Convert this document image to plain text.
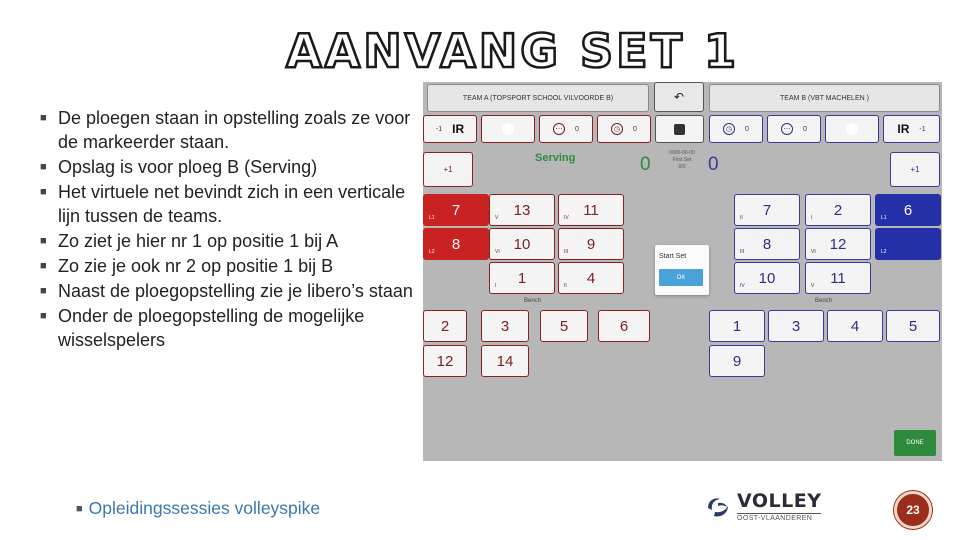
AANVANG SET 1
■ De ploegen staan in opstelling zoals ze voor de markeerder staan.
■ Opslag is voor ploeg B (Serving)
■ Het virtuele net bevindt zich in een verticale lijn tussen de teams.
■ Zo ziet je hier nr 1 op positie 1 bij A
■ Zo zie je ook nr 2 op positie 1 bij B
■ Naast de ploegopstelling zie je libero’s staan
■ Onder de ploegopstelling de mogelijke wisselspelers
■ Opleidingssessies volleyspike
TEAM A (TOPSPORT SCHOOL VILVOORDE B)	↶	TEAM B (VBT MACHELEN )
-1 IR	★	⋯	0	◷	0	◷	0	⋯	0	★	IR -1
+1
Serving	0
0000-00-00
First Set
0/0	0	+1
L1 7	V 13	IV 11
L2 8	VI 10	III 9
I 1	II 4
II 7	I 2	L1 6
III 8	VI 12	L2
IV 10	V 11
Bench	Bench
Start Set
OK
2	3	5	6
12	14
1	3	4	5
9
DONE
VOLLEY
OOST-VLAANDEREN
23
